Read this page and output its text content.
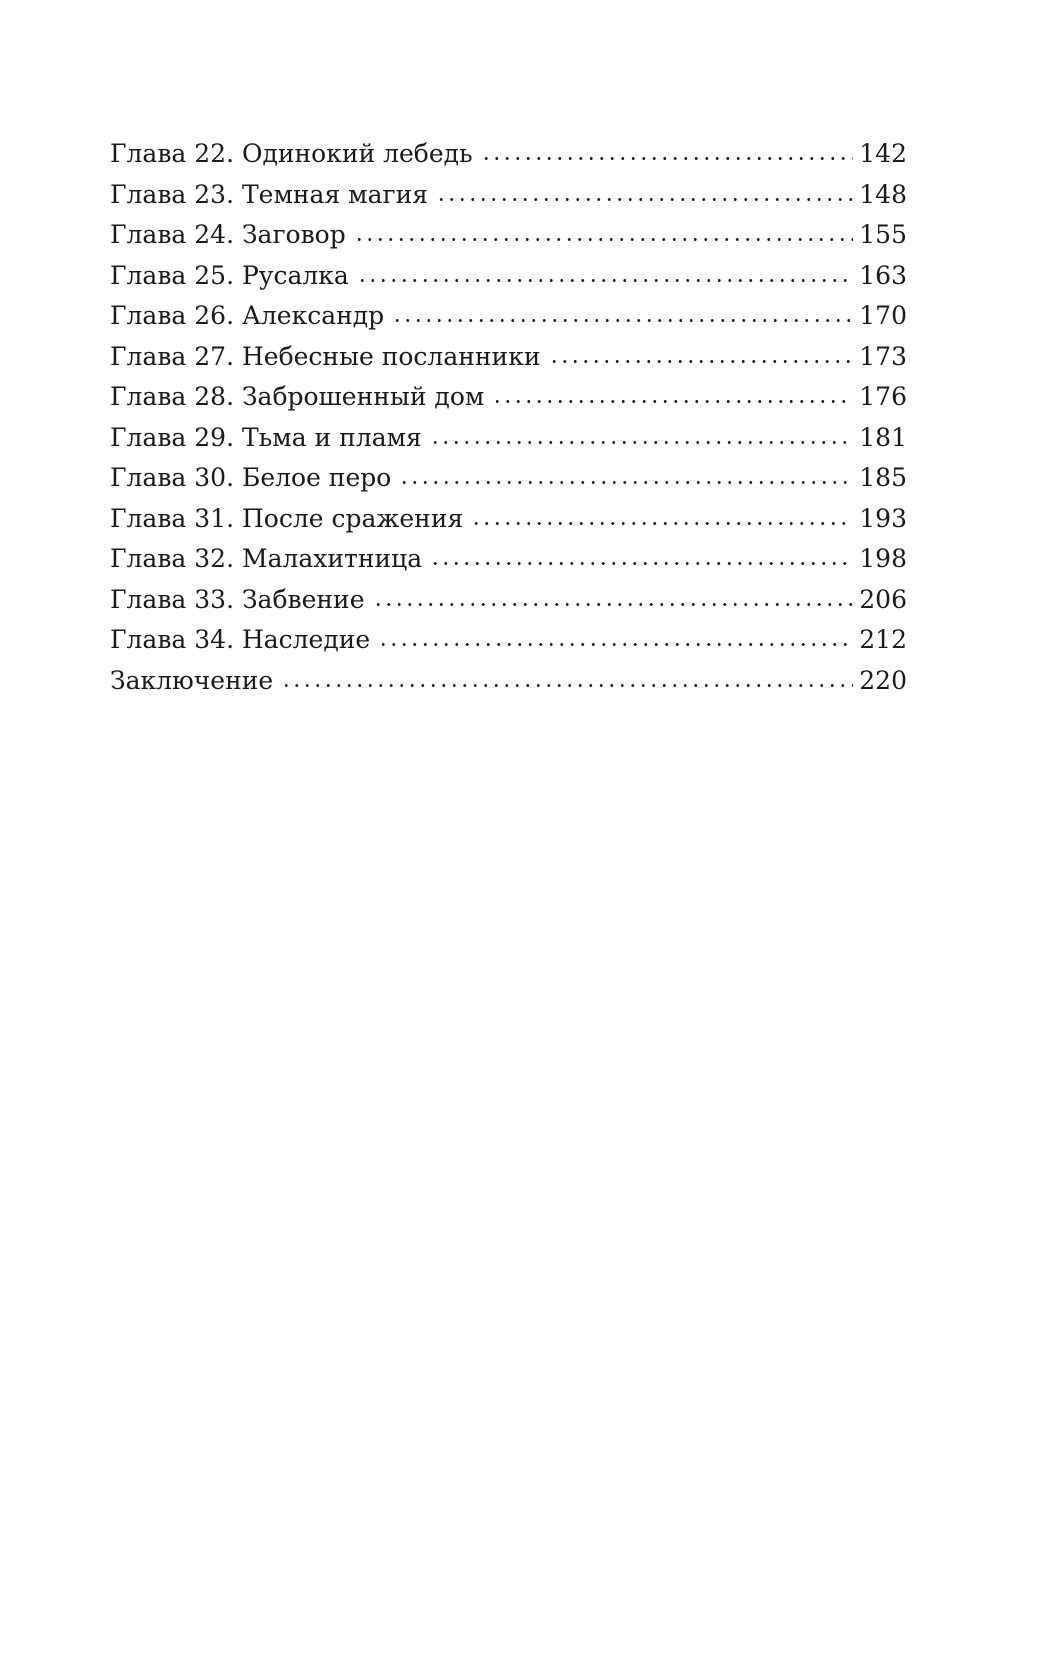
Глава 22. Одинокий лебедь	142
Глава 23. Темная магия	148
Глава 24. Заговор	155
Глава 25. Русалка	163
Глава 26. Александр	170
Глава 27. Небесные посланники	173
Глава 28. Заброшенный дом	176
Глава 29. Тьма и пламя	181
Глава 30. Белое перо	185
Глава 31. После сражения	193
Глава 32. Малахитница	198
Глава 33. Забвение	206
Глава 34. Наследие	212
Заключение	220
